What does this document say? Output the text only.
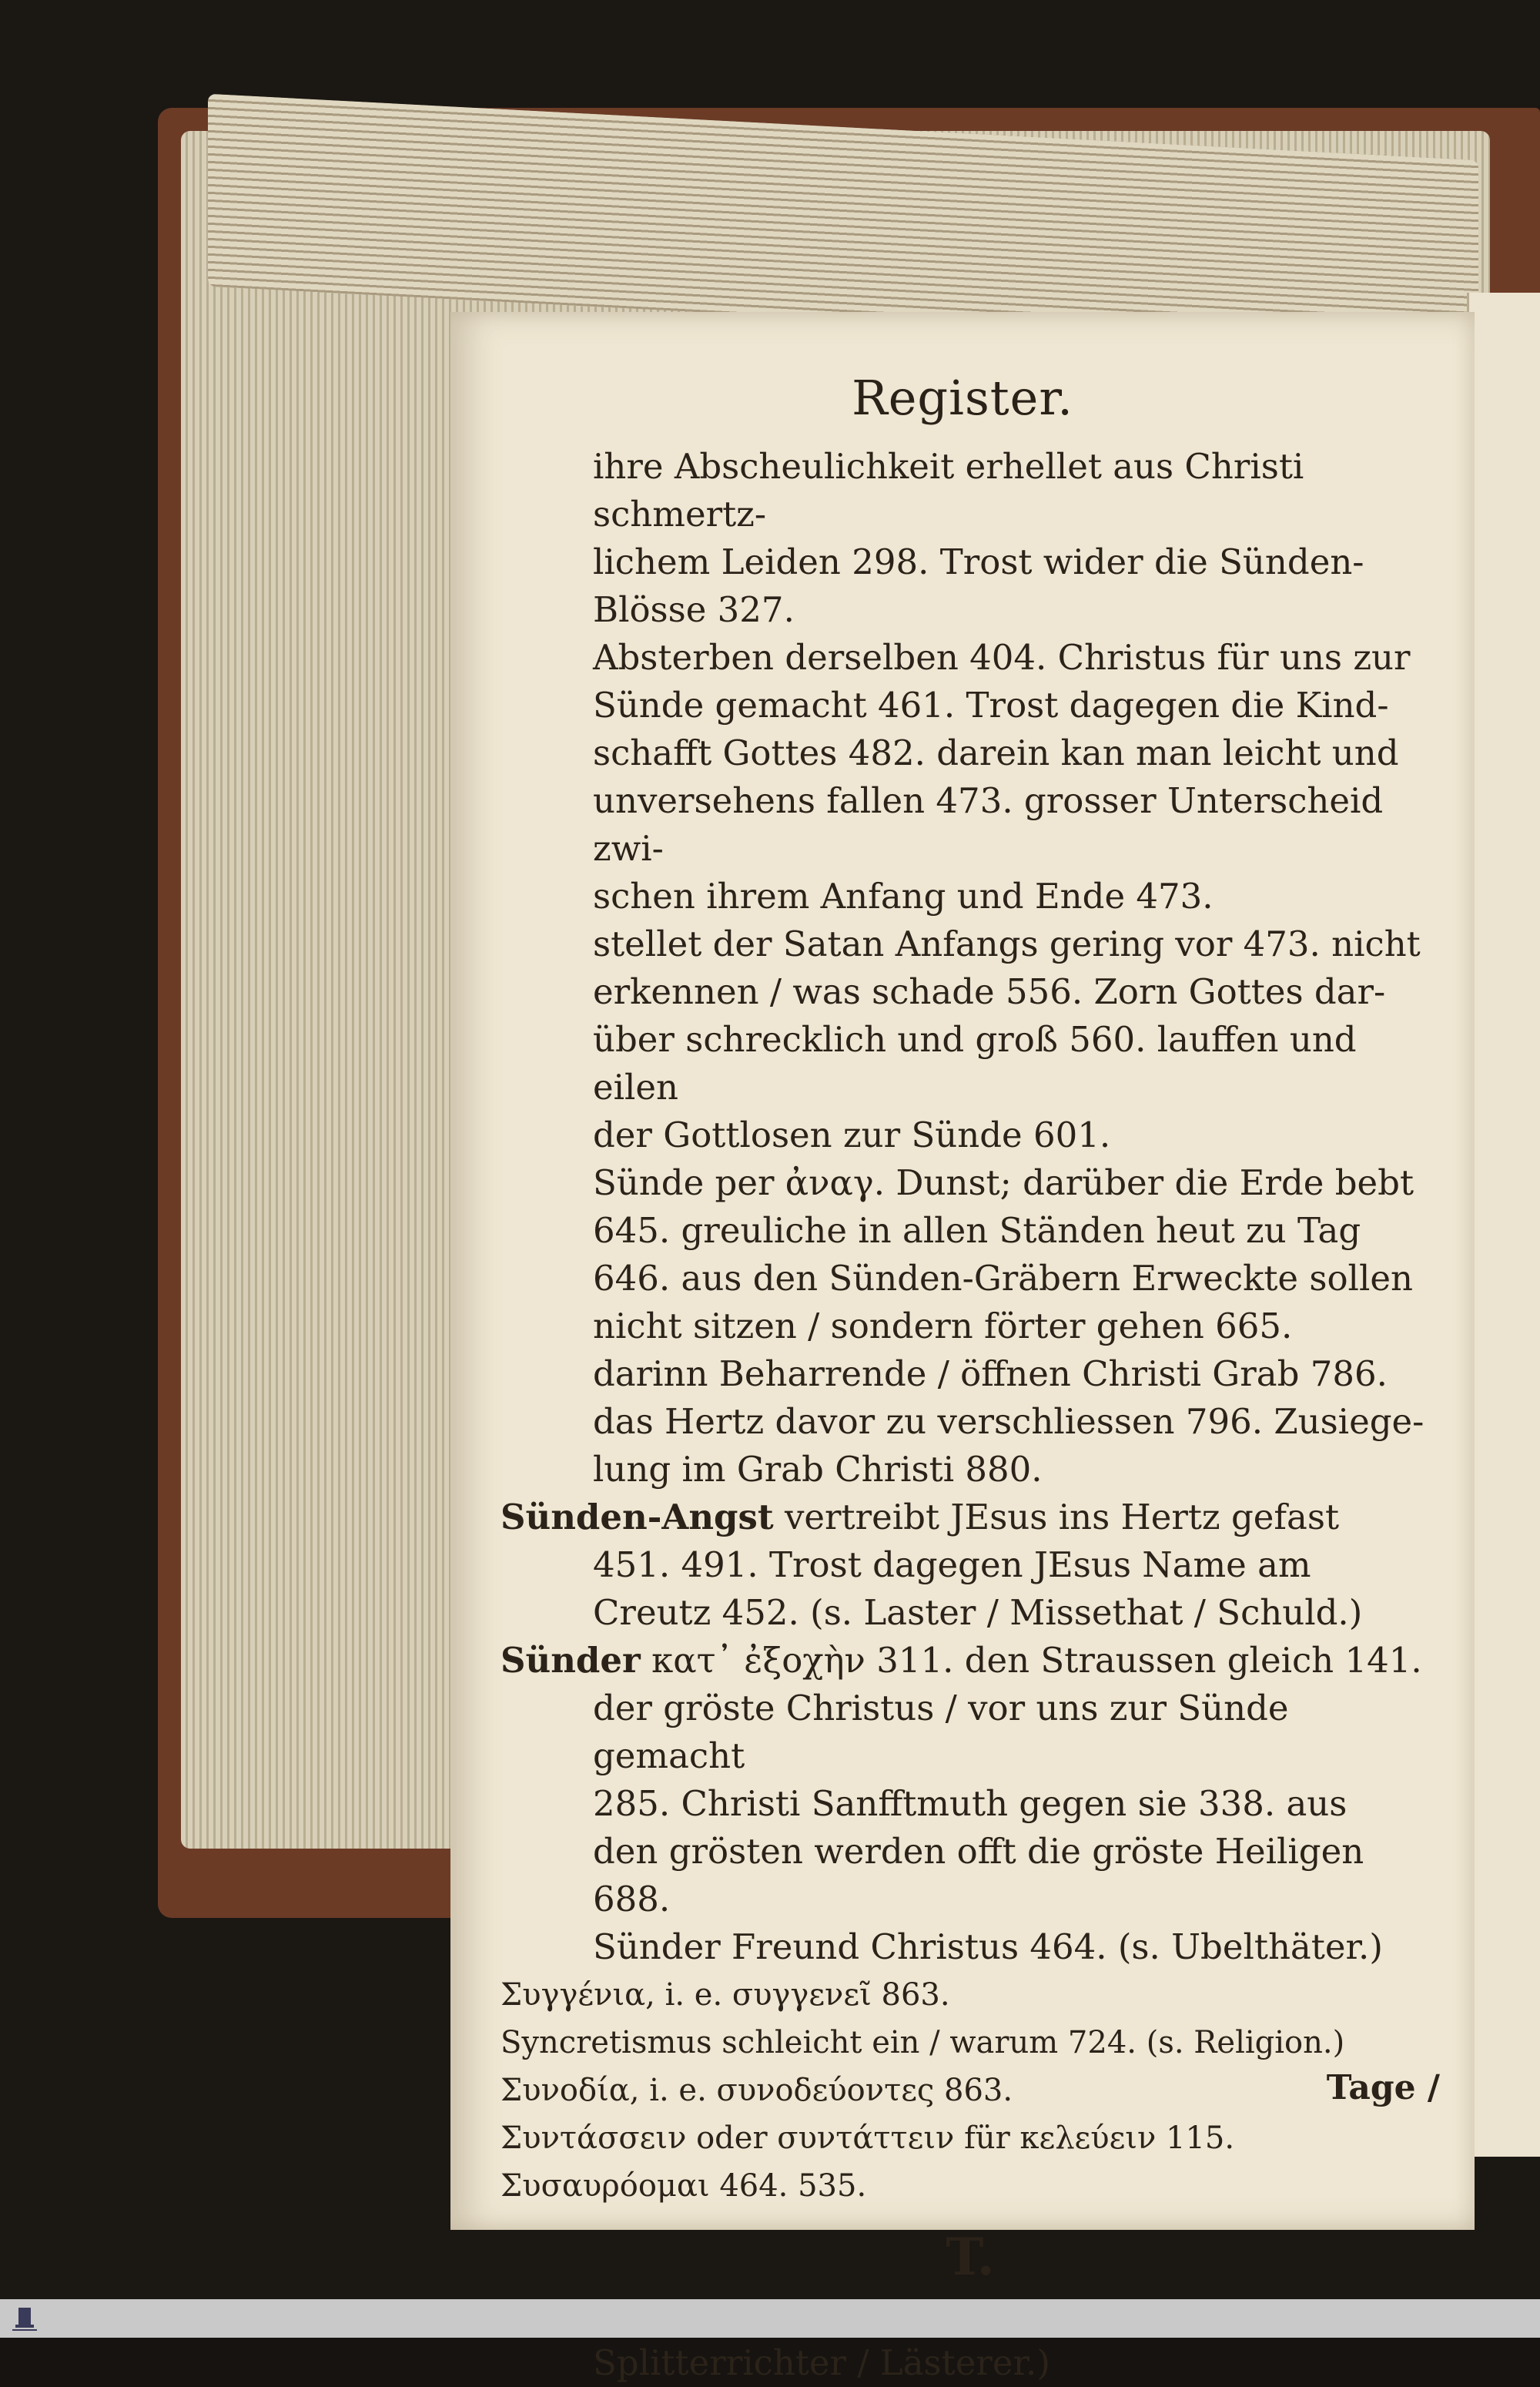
Register.

ihre Abscheulichkeit erhellet aus Christi schmertz-
lichem Leiden 298. Trost wider die Sünden-
Blösse 327.

Absterben derselben 404. Christus für uns zur
Sünde gemacht 461. Trost dagegen die Kind-
schafft Gottes 482. darein kan man leicht und
unversehens fallen 473. grosser Unterscheid zwi-
schen ihrem Anfang und Ende 473.

stellet der Satan Anfangs gering vor 473. nicht
erkennen / was schade 556. Zorn Gottes dar-
über schrecklich und groß 560. lauffen und eilen
der Gottlosen zur Sünde 601.

Sünde per ἀναγ. Dunst; darüber die Erde bebt
645. greuliche in allen Ständen heut zu Tag
646. aus den Sünden-Gräbern Erweckte sollen
nicht sitzen / sondern förter gehen 665.

darinn Beharrende / öffnen Christi Grab 786.
das Hertz davor zu verschliessen 796. Zusiege-
lung im Grab Christi 880.

Sünden-Angst vertreibt JEsus ins Hertz gefast
451. 491. Trost dagegen JEsus Name am
Creutz 452. (s. Laster / Missethat / Schuld.)

Sünder κατ᾽ ἐξοχὴν 311. den Straussen gleich 141.
der gröste Christus / vor uns zur Sünde gemacht
285. Christi Sanfftmuth gegen sie 338. aus
den grösten werden offt die gröste Heiligen 688.
Sünder Freund Christus 464. (s. Ubelthäter.)

Συγγένια, i. e. συγγενεῖ 863.
Syncretismus schleicht ein / warum 724. (s. Religion.)
Συνοδία, i. e. συνοδεύοντες 863.
Συντάσσειν oder συντάττειν für κελεύειν 115.
Συσαυρόομαι 464. 535.
T.

Splitterrichter / Lästerer.)

Tage /
